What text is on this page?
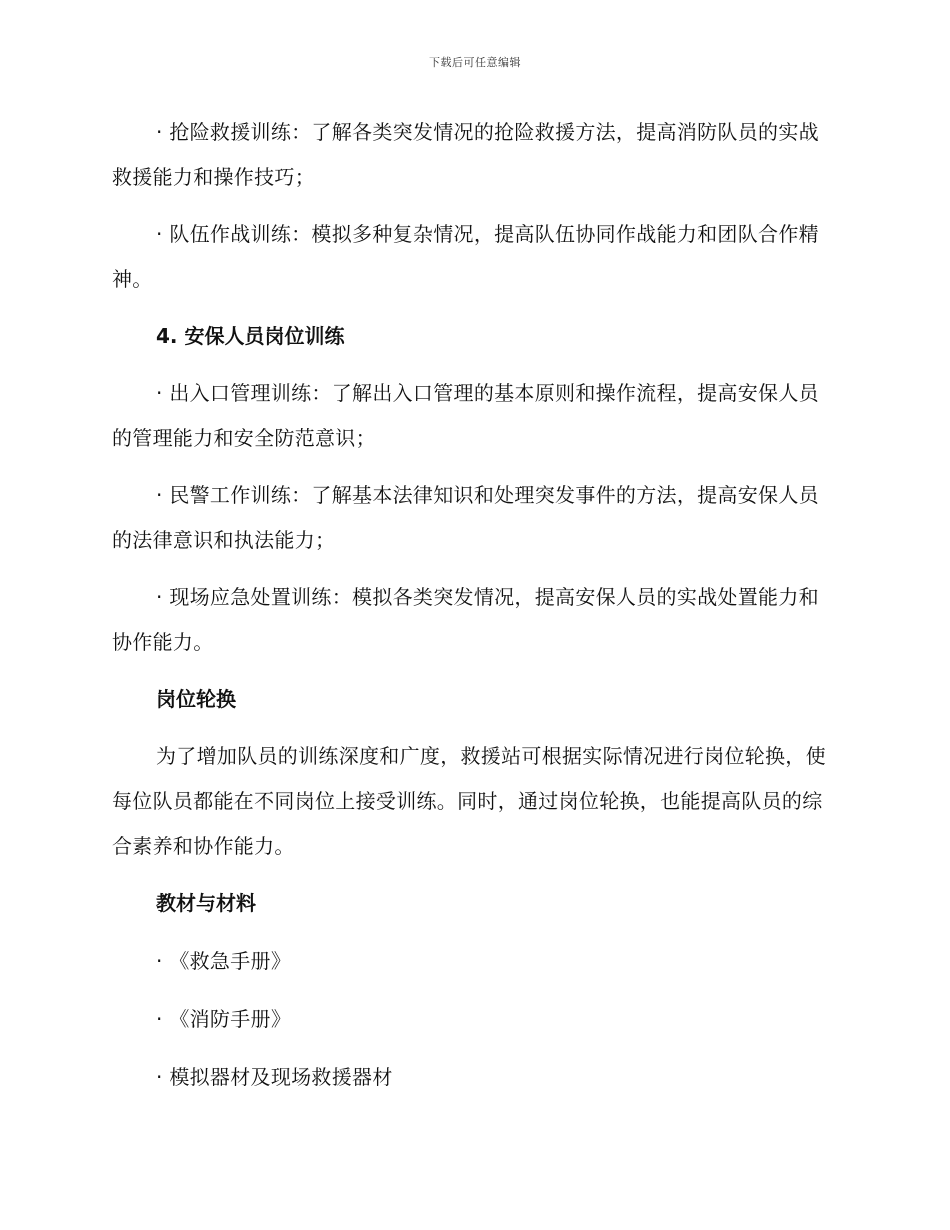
下载后可任意编辑

· 抢险救援训练：了解各类突发情况的抢险救援方法，提高消防队员的实战救援能力和操作技巧；

· 队伍作战训练：模拟多种复杂情况，提高队伍协同作战能力和团队合作精神。

4. 安保人员岗位训练

· 出入口管理训练：了解出入口管理的基本原则和操作流程，提高安保人员的管理能力和安全防范意识；

· 民警工作训练：了解基本法律知识和处理突发事件的方法，提高安保人员的法律意识和执法能力；

· 现场应急处置训练：模拟各类突发情况，提高安保人员的实战处置能力和协作能力。

岗位轮换

为了增加队员的训练深度和广度，救援站可根据实际情况进行岗位轮换，使每位队员都能在不同岗位上接受训练。同时，通过岗位轮换，也能提高队员的综合素养和协作能力。

教材与材料

· 《救急手册》

· 《消防手册》

· 模拟器材及现场救援器材
